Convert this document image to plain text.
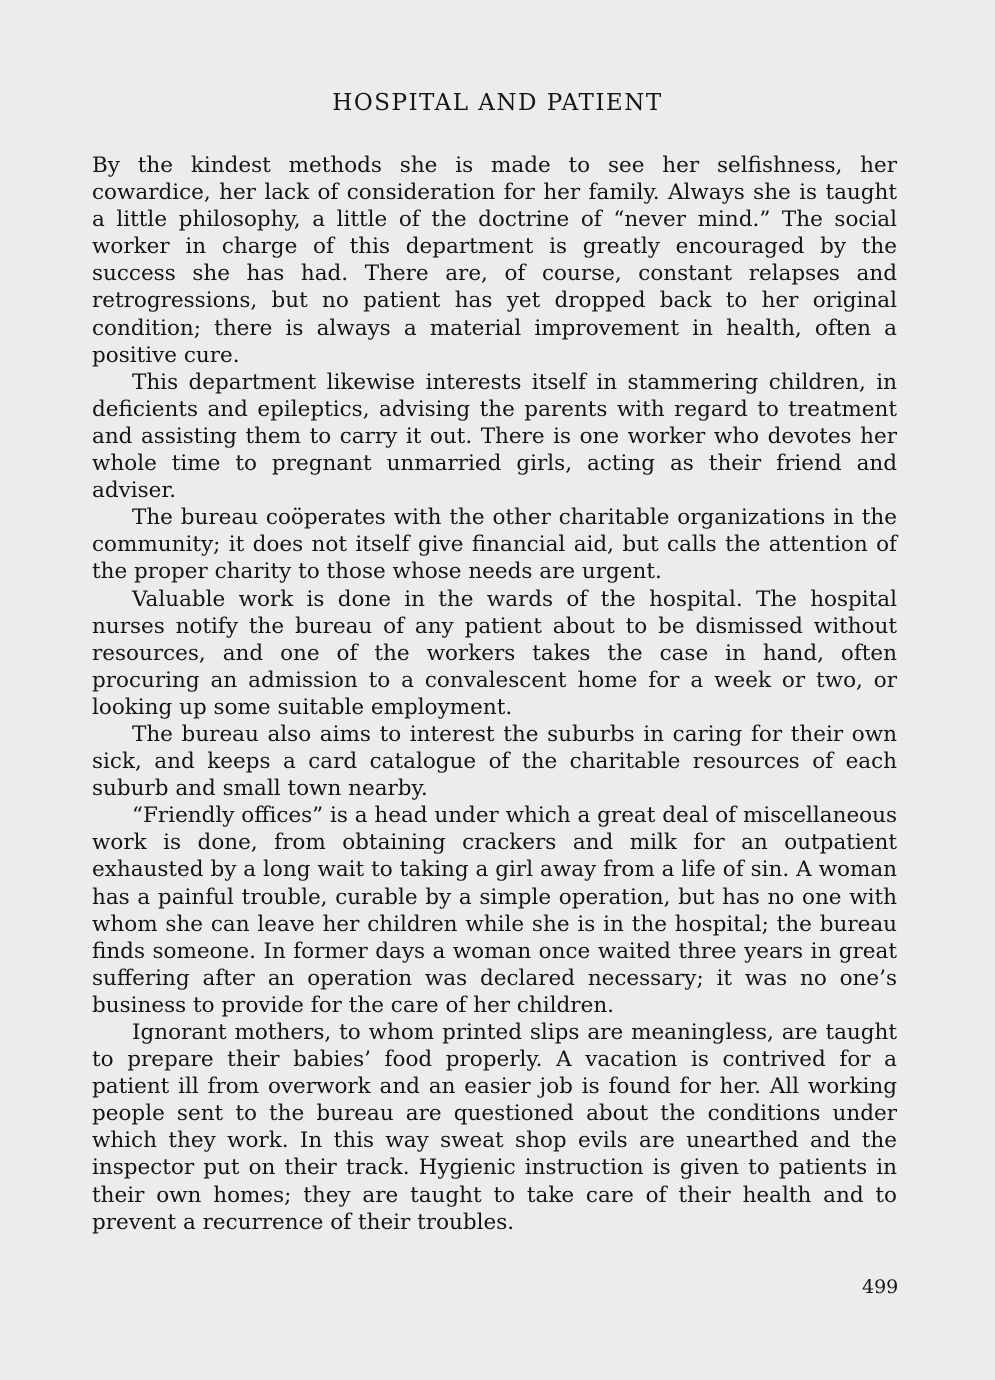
HOSPITAL AND PATIENT

By the kindest methods she is made to see her selfishness, her cowardice, her lack of consideration for her family. Always she is taught a little philosophy, a little of the doctrine of “never mind.” The social worker in charge of this department is greatly encouraged by the success she has had. There are, of course, constant relapses and retrogressions, but no patient has yet dropped back to her original condition; there is always a material improvement in health, often a positive cure.

This department likewise interests itself in stammering children, in deficients and epileptics, advising the parents with regard to treatment and assisting them to carry it out. There is one worker who devotes her whole time to pregnant unmarried girls, acting as their friend and adviser.

The bureau coöperates with the other charitable organizations in the community; it does not itself give financial aid, but calls the attention of the proper charity to those whose needs are urgent.

Valuable work is done in the wards of the hospital. The hospital nurses notify the bureau of any patient about to be dismissed without resources, and one of the workers takes the case in hand, often procuring an admission to a convalescent home for a week or two, or looking up some suitable employment.

The bureau also aims to interest the suburbs in caring for their own sick, and keeps a card catalogue of the charitable resources of each suburb and small town nearby.

“Friendly offices” is a head under which a great deal of miscellaneous work is done, from obtaining crackers and milk for an outpatient exhausted by a long wait to taking a girl away from a life of sin. A woman has a painful trouble, curable by a simple operation, but has no one with whom she can leave her children while she is in the hospital; the bureau finds someone. In former days a woman once waited three years in great suffering after an operation was declared necessary; it was no one’s business to provide for the care of her children.

Ignorant mothers, to whom printed slips are meaningless, are taught to prepare their babies’ food properly. A vacation is contrived for a patient ill from overwork and an easier job is found for her. All working people sent to the bureau are questioned about the conditions under which they work. In this way sweat shop evils are unearthed and the inspector put on their track. Hygienic instruction is given to patients in their own homes; they are taught to take care of their health and to prevent a recurrence of their troubles.

499
